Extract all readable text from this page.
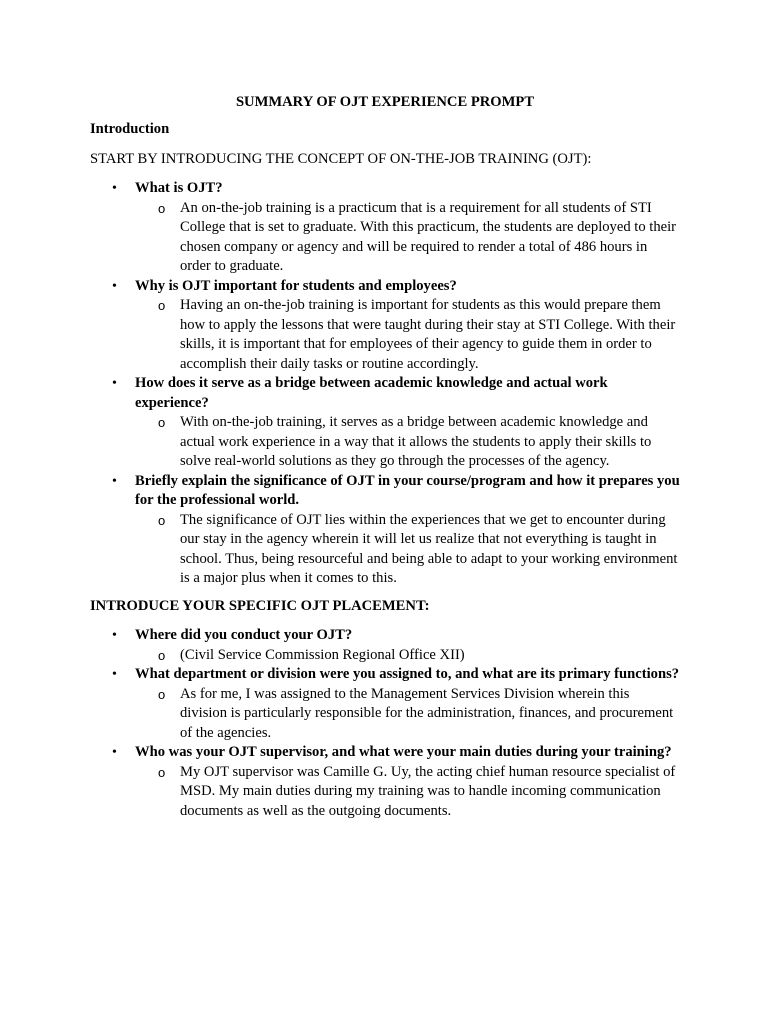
SUMMARY OF OJT EXPERIENCE PROMPT
Introduction
START BY INTRODUCING THE CONCEPT OF ON-THE-JOB TRAINING (OJT):
• What is OJT?
o An on-the-job training is a practicum that is a requirement for all students of STI College that is set to graduate. With this practicum, the students are deployed to their chosen company or agency and will be required to render a total of 486 hours in order to graduate.
• Why is OJT important for students and employees?
o Having an on-the-job training is important for students as this would prepare them how to apply the lessons that were taught during their stay at STI College. With their skills, it is important that for employees of their agency to guide them in order to accomplish their daily tasks or routine accordingly.
• How does it serve as a bridge between academic knowledge and actual work experience?
o With on-the-job training, it serves as a bridge between academic knowledge and actual work experience in a way that it allows the students to apply their skills to solve real-world solutions as they go through the processes of the agency.
• Briefly explain the significance of OJT in your course/program and how it prepares you for the professional world.
o The significance of OJT lies within the experiences that we get to encounter during our stay in the agency wherein it will let us realize that not everything is taught in school. Thus, being resourceful and being able to adapt to your working environment is a major plus when it comes to this.
INTRODUCE YOUR SPECIFIC OJT PLACEMENT:
• Where did you conduct your OJT?
o (Civil Service Commission Regional Office XII)
• What department or division were you assigned to, and what are its primary functions?
o As for me, I was assigned to the Management Services Division wherein this division is particularly responsible for the administration, finances, and procurement of the agencies.
• Who was your OJT supervisor, and what were your main duties during your training?
o My OJT supervisor was Camille G. Uy, the acting chief human resource specialist of MSD. My main duties during my training was to handle incoming communication documents as well as the outgoing documents.
